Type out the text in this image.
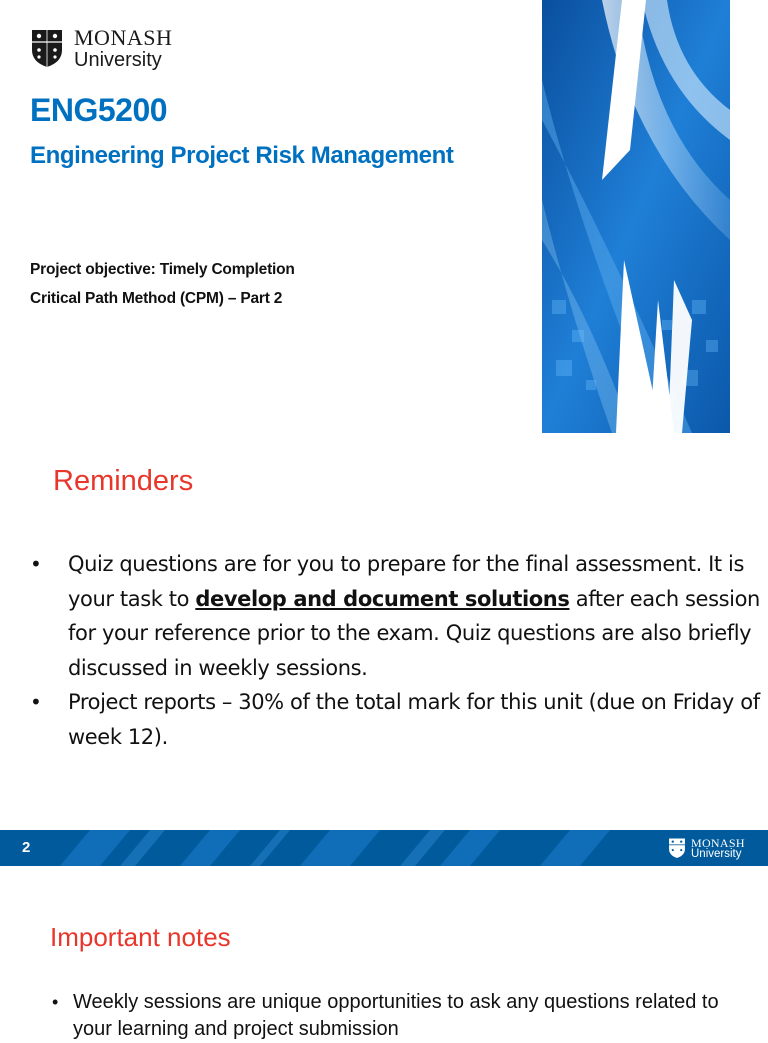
MONASH
University
ENG5200
Engineering Project Risk Management
Project objective: Timely Completion
Critical Path Method (CPM) – Part 2
Reminders
• Quiz questions are for you to prepare for the final assessment. It is your task to develop and document solutions after each session for your reference prior to the exam. Quiz questions are also briefly discussed in weekly sessions.
• Project reports – 30% of the total mark for this unit (due on Friday of week 12).
2	MONASH
University
Important notes
• Weekly sessions are unique opportunities to ask any questions related to your learning and project submission
